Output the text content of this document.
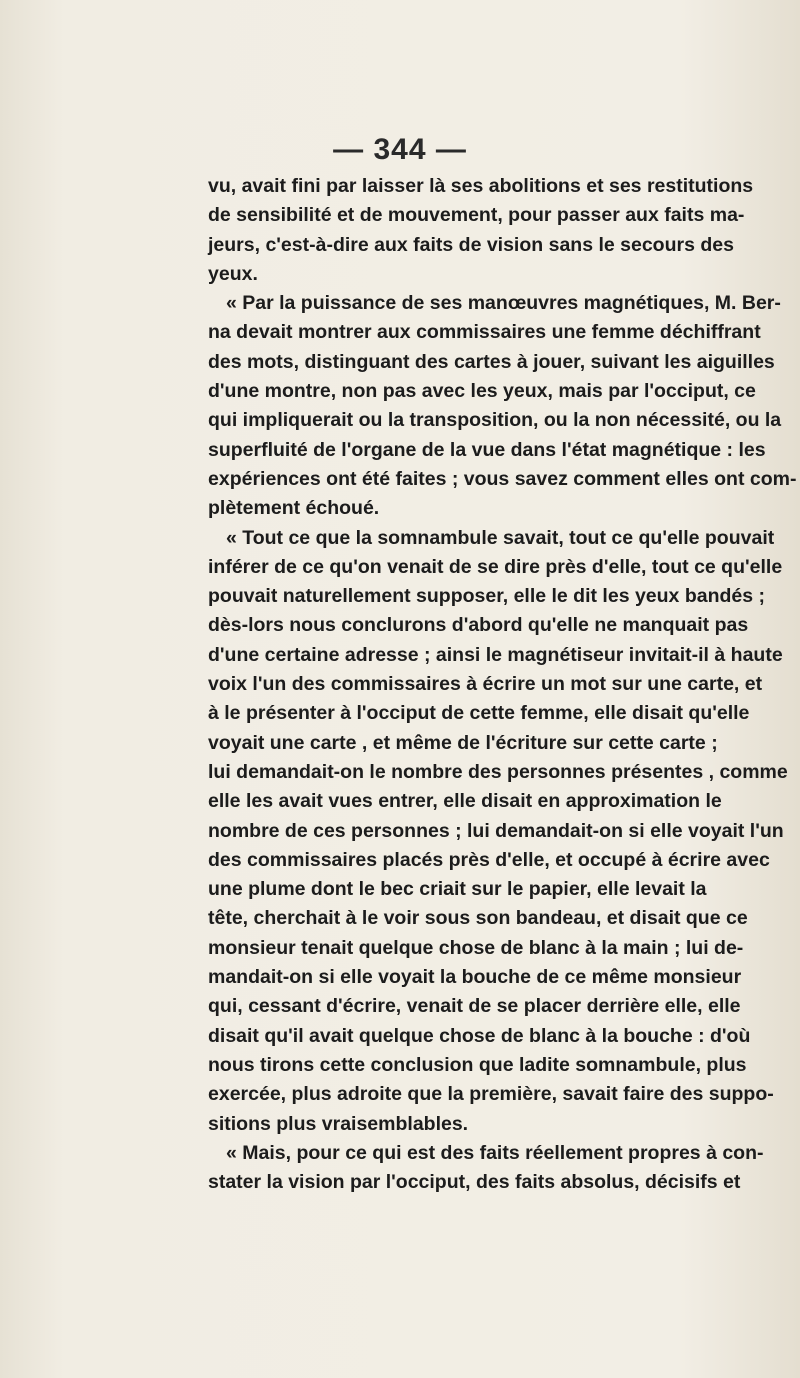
— 344 —
vu, avait fini par laisser là ses abolitions et ses restitutions
de sensibilité et de mouvement, pour passer aux faits ma-
jeurs, c'est-à-dire aux faits de vision sans le secours des
yeux.
« Par la puissance de ses manœuvres magnétiques, M. Ber-
na devait montrer aux commissaires une femme déchiffrant
des mots, distinguant des cartes à jouer, suivant les aiguilles
d'une montre, non pas avec les yeux, mais par l'occiput, ce
qui impliquerait ou la transposition, ou la non nécessité, ou la
superfluité de l'organe de la vue dans l'état magnétique : les
expériences ont été faites ; vous savez comment elles ont com-
plètement échoué.
« Tout ce que la somnambule savait, tout ce qu'elle pouvait
inférer de ce qu'on venait de se dire près d'elle, tout ce qu'elle
pouvait naturellement supposer, elle le dit les yeux bandés ;
dès-lors nous conclurons d'abord qu'elle ne manquait pas
d'une certaine adresse ; ainsi le magnétiseur invitait-il à haute
voix l'un des commissaires à écrire un mot sur une carte, et
à le présenter à l'occiput de cette femme, elle disait qu'elle
voyait une carte , et même de l'écriture sur cette carte ;
lui demandait-on le nombre des personnes présentes , comme
elle les avait vues entrer, elle disait en approximation le
nombre de ces personnes ; lui demandait-on si elle voyait l'un
des commissaires placés près d'elle, et occupé à écrire avec
une plume dont le bec criait sur le papier, elle levait la
tête, cherchait à le voir sous son bandeau, et disait que ce
monsieur tenait quelque chose de blanc à la main ; lui de-
mandait-on si elle voyait la bouche de ce même monsieur
qui, cessant d'écrire, venait de se placer derrière elle, elle
disait qu'il avait quelque chose de blanc à la bouche : d'où
nous tirons cette conclusion que ladite somnambule, plus
exercée, plus adroite que la première, savait faire des suppo-
sitions plus vraisemblables.
« Mais, pour ce qui est des faits réellement propres à con-
stater la vision par l'occiput, des faits absolus, décisifs et
